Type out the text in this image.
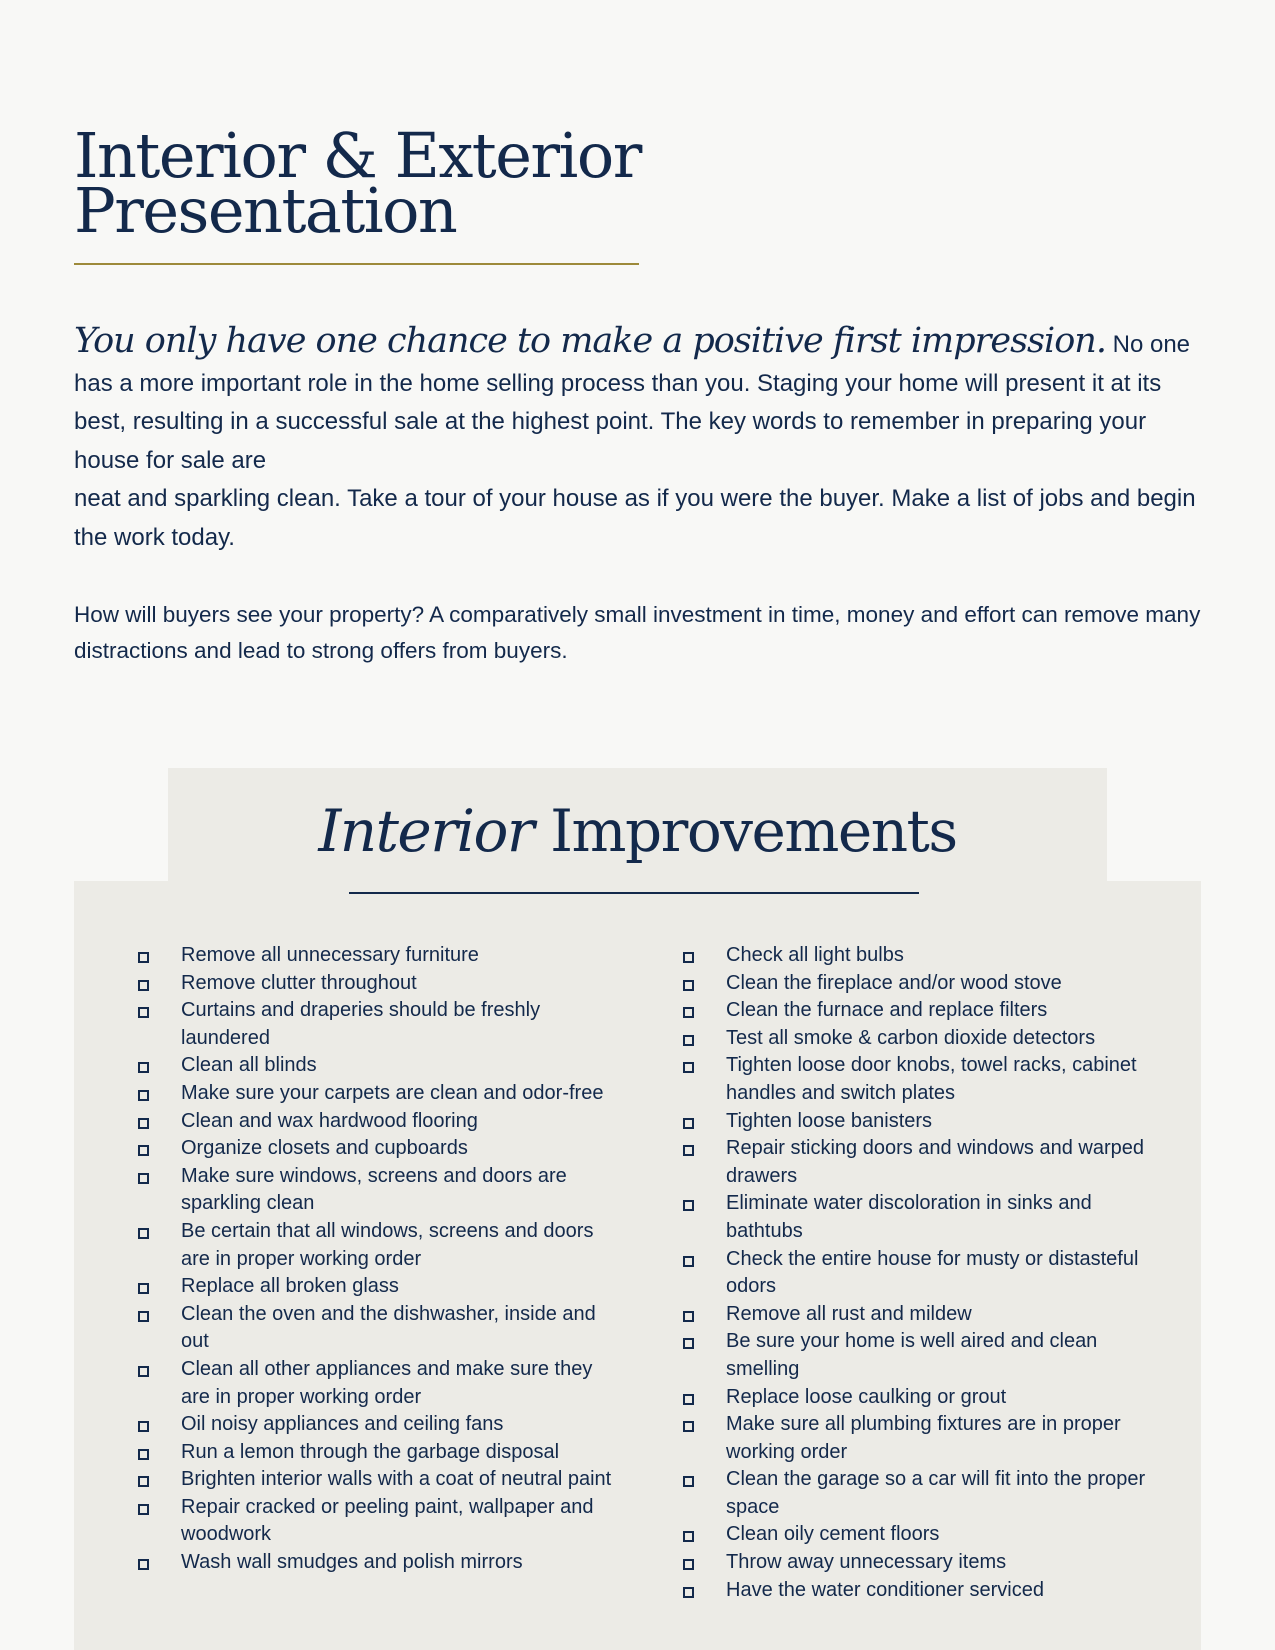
Interior & Exterior
Presentation

You only have one chance to make a positive first impression. No one has a more important role in the home selling process than you. Staging your home will present it at its best, resulting in a successful sale at the highest point. The key words to remember in preparing your house for sale are
neat and sparkling clean. Take a tour of your house as if you were the buyer. Make a list of jobs and begin the work today.

How will buyers see your property? A comparatively small investment in time, money and effort can remove many distractions and lead to strong offers from buyers.

Interior Improvements
Remove all unnecessary furniture
Remove clutter throughout
Curtains and draperies should be freshly laundered
Clean all blinds
Make sure your carpets are clean and odor-free
Clean and wax hardwood flooring
Organize closets and cupboards
Make sure windows, screens and doors are sparkling clean
Be certain that all windows, screens and doors are in proper working order
Replace all broken glass
Clean the oven and the dishwasher, inside and out
Clean all other appliances and make sure they are in proper working order
Oil noisy appliances and ceiling fans
Run a lemon through the garbage disposal
Brighten interior walls with a coat of neutral paint
Repair cracked or peeling paint, wallpaper and woodwork
Wash wall smudges and polish mirrors
Check all light bulbs
Clean the fireplace and/or wood stove
Clean the furnace and replace filters
Test all smoke & carbon dioxide detectors
Tighten loose door knobs, towel racks, cabinet handles and switch plates
Tighten loose banisters
Repair sticking doors and windows and warped drawers
Eliminate water discoloration in sinks and bathtubs
Check the entire house for musty or distasteful odors
Remove all rust and mildew
Be sure your home is well aired and clean smelling
Replace loose caulking or grout
Make sure all plumbing fixtures are in proper working order
Clean the garage so a car will fit into the proper space
Clean oily cement floors
Throw away unnecessary items
Have the water conditioner serviced
